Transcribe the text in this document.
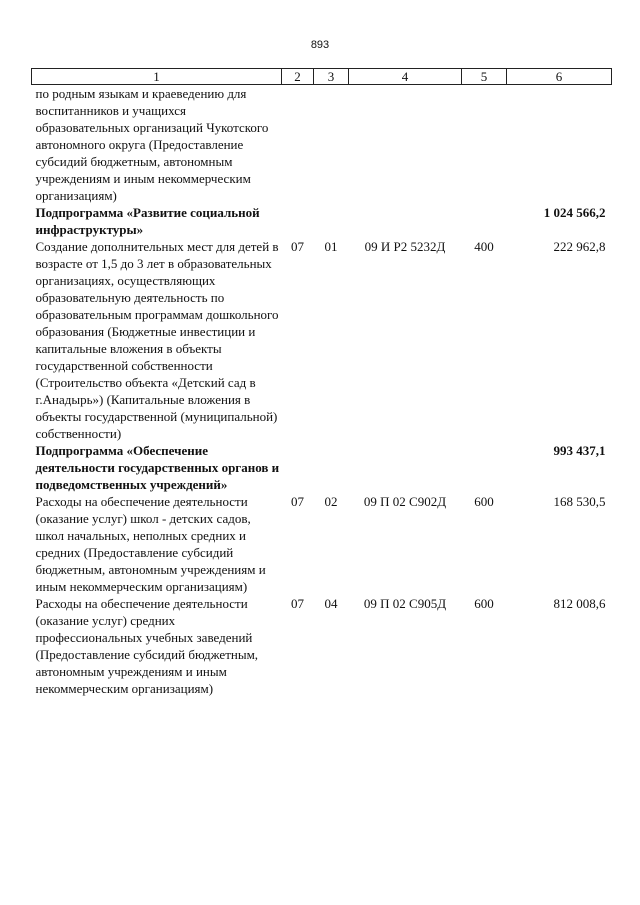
893
1	2	3	4	5	6
по родным языкам и краеведению для воспитанников и учащихся образовательных организаций Чукотского автономного округа (Предоставление субсидий бюджетным, автономным учреждениям и иным некоммерческим организациям)					
Подпрограмма «Развитие социальной инфраструктуры»					1 024 566,2
Создание дополнительных мест для детей в возрасте от 1,5 до 3 лет в образовательных организациях, осуществляющих образовательную деятельность по образовательным программам дошкольного образования (Бюджетные инвестиции и капитальные вложения в объекты государственной собственности (Строительство объекта «Детский сад в г.Анадырь») (Капитальные вложения в объекты государственной (муниципальной) собственности)	07	01	09 И Р2 5232Д	400	222 962,8
Подпрограмма «Обеспечение деятельности государственных органов и подведомственных учреждений»					993 437,1
Расходы на обеспечение деятельности (оказание услуг) школ - детских садов, школ начальных, неполных средних и средних (Предоставление субсидий бюджетным, автономным учреждениям и иным некоммерческим организациям)	07	02	09 П 02 С902Д	600	168 530,5
Расходы на обеспечение деятельности (оказание услуг) средних профессиональных учебных заведений (Предоставление субсидий бюджетным, автономным учреждениям и иным некоммерческим организациям)	07	04	09 П 02 С905Д	600	812 008,6
